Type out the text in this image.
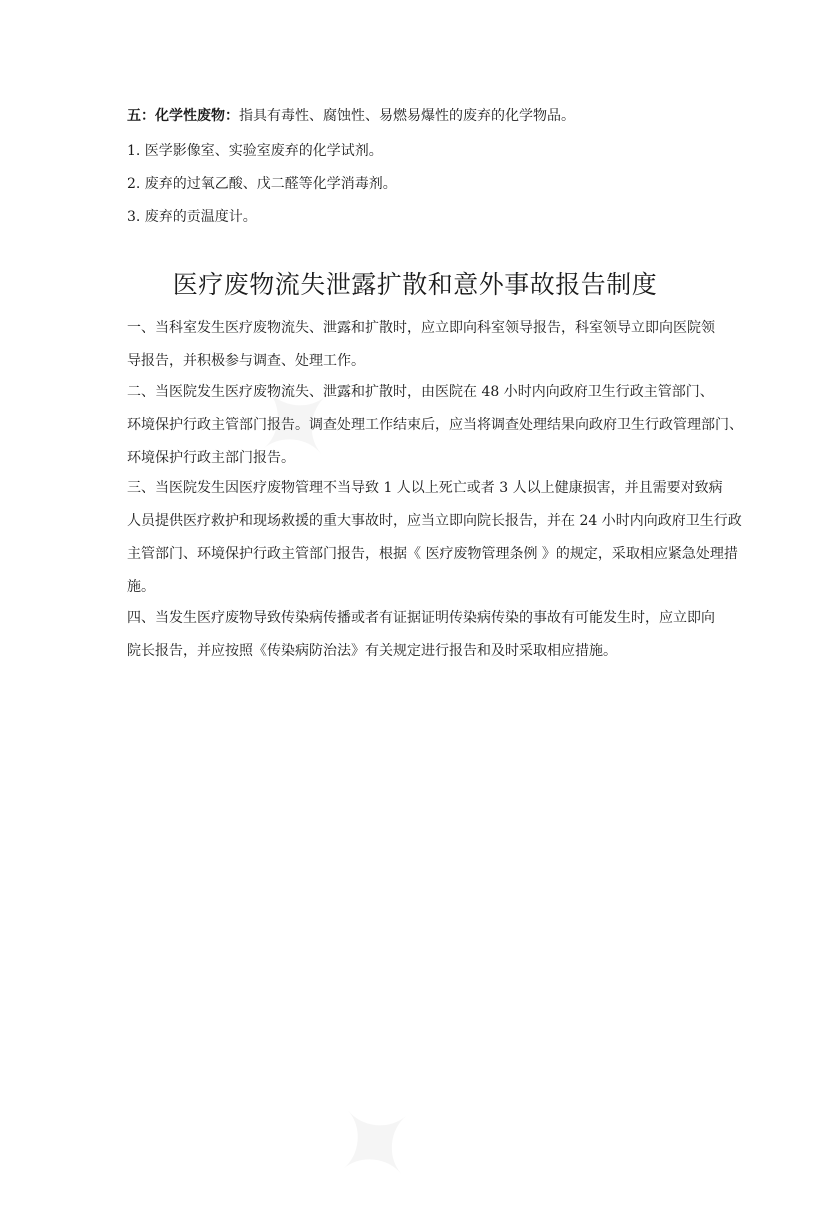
五：化学性废物：指具有毒性、腐蚀性、易燃易爆性的废弃的化学物品。
1. 医学影像室、实验室废弃的化学试剂。
2. 废弃的过氧乙酸、戊二醛等化学消毒剂。
3. 废弃的贡温度计。
医疗废物流失泄露扩散和意外事故报告制度
一、当科室发生医疗废物流失、泄露和扩散时，应立即向科室领导报告，科室领导立即向医院领
导报告，并积极参与调查、处理工作。
二、当医院发生医疗废物流失、泄露和扩散时，由医院在 48 小时内向政府卫生行政主管部门、
环境保护行政主管部门报告。调查处理工作结束后，应当将调查处理结果向政府卫生行政管理部门、
环境保护行政主部门报告。
三、当医院发生因医疗废物管理不当导致 1 人以上死亡或者 3 人以上健康损害，并且需要对致病
人员提供医疗救护和现场救援的重大事故时，应当立即向院长报告，并在 24 小时内向政府卫生行政
主管部门、环境保护行政主管部门报告，根据《 医疗废物管理条例 》的规定，采取相应紧急处理措
施。
四、当发生医疗废物导致传染病传播或者有证据证明传染病传染的事故有可能发生时，应立即向
院长报告，并应按照《传染病防治法》有关规定进行报告和及时采取相应措施。
